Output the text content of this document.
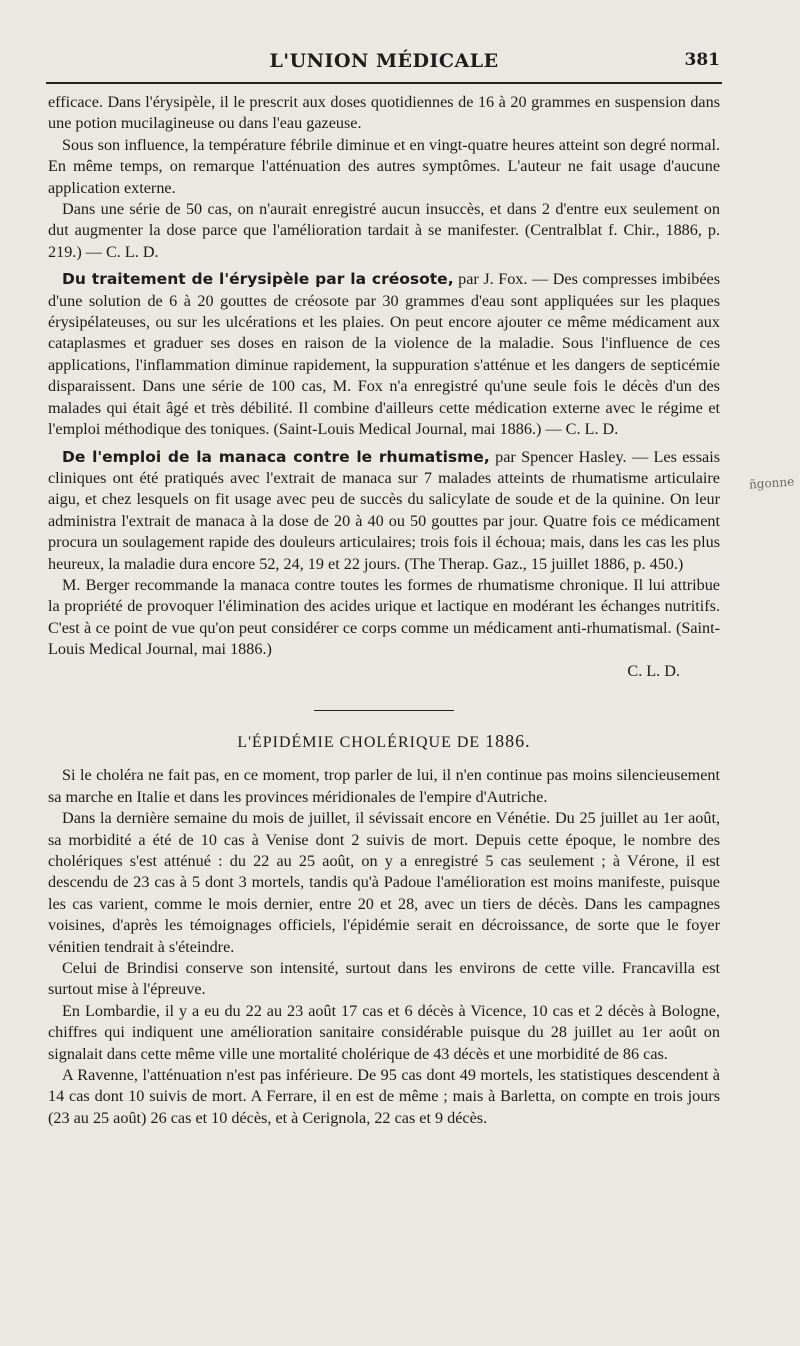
L'UNION MÉDICALE	381

efficace. Dans l'érysipèle, il le prescrit aux doses quotidiennes de 16 à 20 grammes en suspension dans une potion mucilagineuse ou dans l'eau gazeuse.

Sous son influence, la température fébrile diminue et en vingt-quatre heures atteint son degré normal. En même temps, on remarque l'atténuation des autres symptômes. L'auteur ne fait usage d'aucune application externe.

Dans une série de 50 cas, on n'aurait enregistré aucun insuccès, et dans 2 d'entre eux seulement on dut augmenter la dose parce que l'amélioration tardait à se manifester. (Centralblat f. Chir., 1886, p. 219.) — C. L. D.

Du traitement de l'érysipèle par la créosote, par J. Fox. — Des compresses imbibées d'une solution de 6 à 20 gouttes de créosote par 30 grammes d'eau sont appliquées sur les plaques érysipélateuses, ou sur les ulcérations et les plaies. On peut encore ajouter ce même médicament aux cataplasmes et graduer ses doses en raison de la violence de la maladie. Sous l'influence de ces applications, l'inflammation diminue rapidement, la suppuration s'atténue et les dangers de septicémie disparaissent. Dans une série de 100 cas, M. Fox n'a enregistré qu'une seule fois le décès d'un des malades qui était âgé et très débilité. Il combine d'ailleurs cette médication externe avec le régime et l'emploi méthodique des toniques. (Saint-Louis Medical Journal, mai 1886.) — C. L. D.

De l'emploi de la manaca contre le rhumatisme, par Spencer Hasley. — Les essais cliniques ont été pratiqués avec l'extrait de manaca sur 7 malades atteints de rhumatisme articulaire aigu, et chez lesquels on fit usage avec peu de succès du salicylate de soude et de la quinine. On leur administra l'extrait de manaca à la dose de 20 à 40 ou 50 gouttes par jour. Quatre fois ce médicament procura un soulagement rapide des douleurs articulaires; trois fois il échoua; mais, dans les cas les plus heureux, la maladie dura encore 52, 24, 19 et 22 jours. (The Therap. Gaz., 15 juillet 1886, p. 450.)

M. Berger recommande la manaca contre toutes les formes de rhumatisme chronique. Il lui attribue la propriété de provoquer l'élimination des acides urique et lactique en modérant les échanges nutritifs. C'est à ce point de vue qu'on peut considérer ce corps comme un médicament anti-rhumatismal. (Saint-Louis Medical Journal, mai 1886.)

C. L. D.

L'ÉPIDÉMIE CHOLÉRIQUE DE 1886.

Si le choléra ne fait pas, en ce moment, trop parler de lui, il n'en continue pas moins silencieusement sa marche en Italie et dans les provinces méridionales de l'empire d'Autriche.

Dans la dernière semaine du mois de juillet, il sévissait encore en Vénétie. Du 25 juillet au 1er août, sa morbidité a été de 10 cas à Venise dont 2 suivis de mort. Depuis cette époque, le nombre des cholériques s'est atténué : du 22 au 25 août, on y a enregistré 5 cas seulement ; à Vérone, il est descendu de 23 cas à 5 dont 3 mortels, tandis qu'à Padoue l'amélioration est moins manifeste, puisque les cas varient, comme le mois dernier, entre 20 et 28, avec un tiers de décès. Dans les campagnes voisines, d'après les témoignages officiels, l'épidémie serait en décroissance, de sorte que le foyer vénitien tendrait à s'éteindre.

Celui de Brindisi conserve son intensité, surtout dans les environs de cette ville. Francavilla est surtout mise à l'épreuve.

En Lombardie, il y a eu du 22 au 23 août 17 cas et 6 décès à Vicence, 10 cas et 2 décès à Bologne, chiffres qui indiquent une amélioration sanitaire considérable puisque du 28 juillet au 1er août on signalait dans cette même ville une mortalité cholérique de 43 décès et une morbidité de 86 cas.

A Ravenne, l'atténuation n'est pas inférieure. De 95 cas dont 49 mortels, les statistiques descendent à 14 cas dont 10 suivis de mort. A Ferrare, il en est de même ; mais à Barletta, on compte en trois jours (23 au 25 août) 26 cas et 10 décès, et à Cerignola, 22 cas et 9 décès.

ñgonne
